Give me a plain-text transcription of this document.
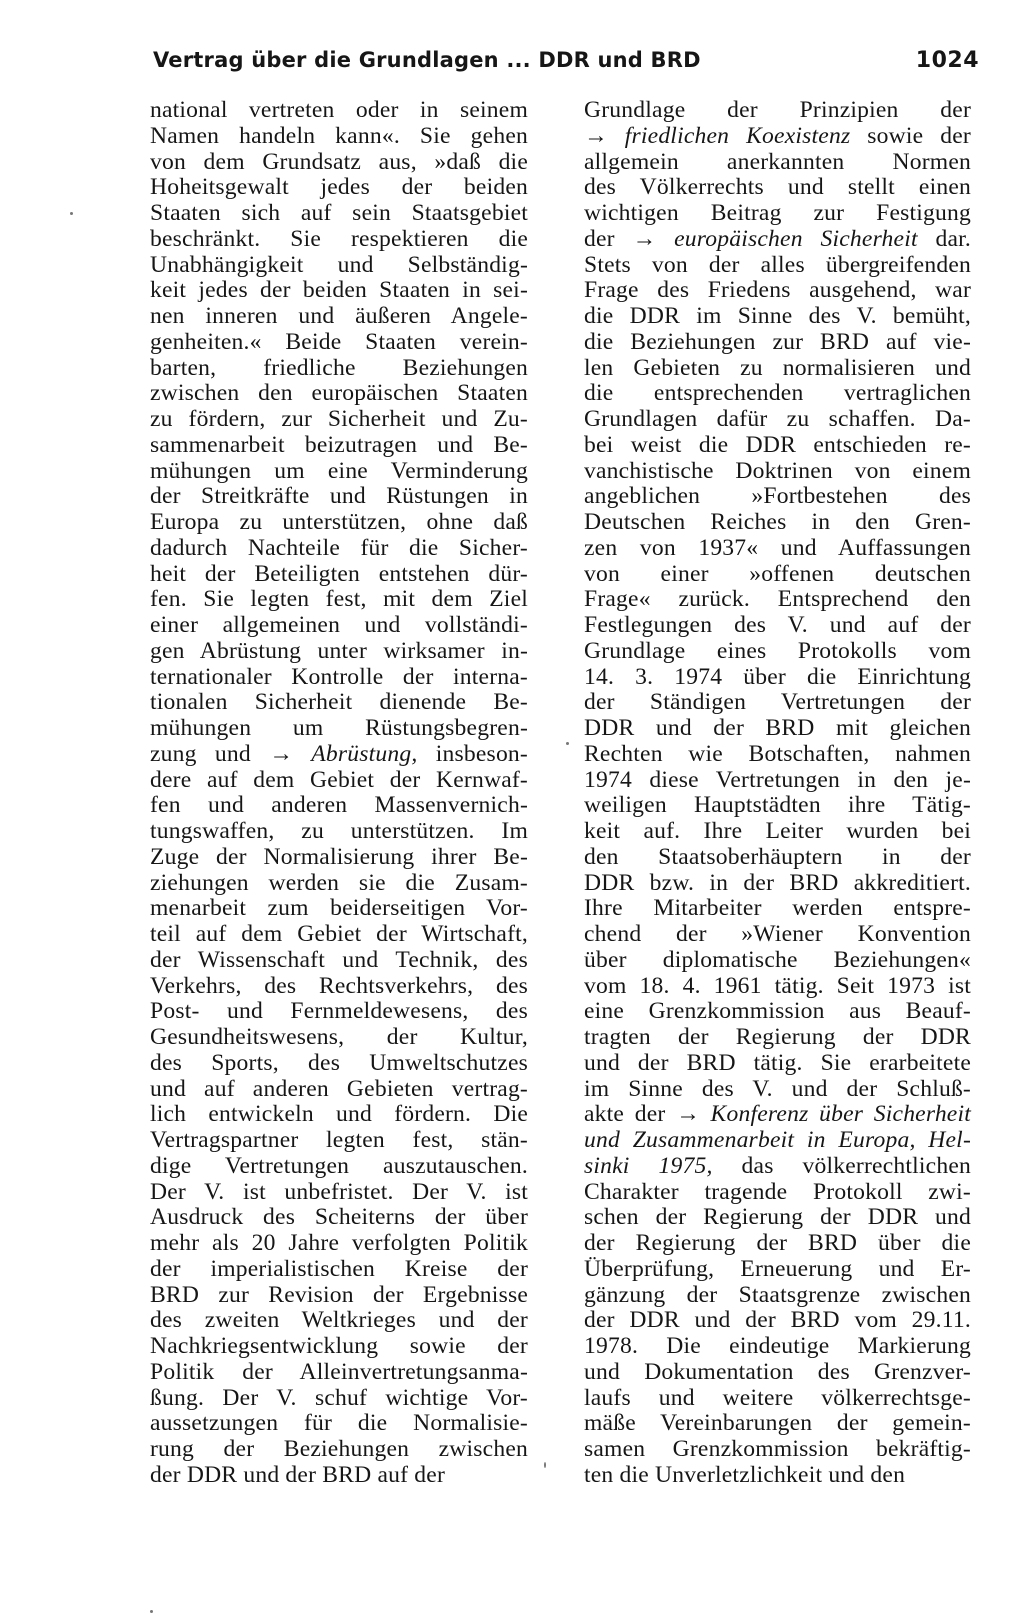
Vertrag über die Grundlagen ... DDR und BRD	1024
national vertreten oder in seinem
Namen handeln kann«. Sie gehen
von dem Grundsatz aus, »daß die
Hoheitsgewalt jedes der beiden
Staaten sich auf sein Staatsgebiet
beschränkt. Sie respektieren die
Unabhängigkeit und Selbständig-
keit jedes der beiden Staaten in sei-
nen inneren und äußeren Angele-
genheiten.« Beide Staaten verein-
barten, friedliche Beziehungen
zwischen den europäischen Staaten
zu fördern, zur Sicherheit und Zu-
sammenarbeit beizutragen und Be-
mühungen um eine Verminderung
der Streitkräfte und Rüstungen in
Europa zu unterstützen, ohne daß
dadurch Nachteile für die Sicher-
heit der Beteiligten entstehen dür-
fen. Sie legten fest, mit dem Ziel
einer allgemeinen und vollständi-
gen Abrüstung unter wirksamer in-
ternationaler Kontrolle der interna-
tionalen Sicherheit dienende Be-
mühungen um Rüstungsbegren-
zung und → Abrüstung, insbeson-
dere auf dem Gebiet der Kernwaf-
fen und anderen Massenvernich-
tungswaffen, zu unterstützen. Im
Zuge der Normalisierung ihrer Be-
ziehungen werden sie die Zusam-
menarbeit zum beiderseitigen Vor-
teil auf dem Gebiet der Wirtschaft,
der Wissenschaft und Technik, des
Verkehrs, des Rechtsverkehrs, des
Post- und Fernmeldewesens, des
Gesundheitswesens, der Kultur,
des Sports, des Umweltschutzes
und auf anderen Gebieten vertrag-
lich entwickeln und fördern. Die
Vertragspartner legten fest, stän-
dige Vertretungen auszutauschen.
Der V. ist unbefristet. Der V. ist
Ausdruck des Scheiterns der über
mehr als 20 Jahre verfolgten Politik
der imperialistischen Kreise der
BRD zur Revision der Ergebnisse
des zweiten Weltkrieges und der
Nachkriegsentwicklung sowie der
Politik der Alleinvertretungsanma-
ßung. Der V. schuf wichtige Vor-
aussetzungen für die Normalisie-
rung der Beziehungen zwischen
der DDR und der BRD auf der
Grundlage der Prinzipien der
→ friedlichen Koexistenz sowie der
allgemein anerkannten Normen
des Völkerrechts und stellt einen
wichtigen Beitrag zur Festigung
der → europäischen Sicherheit dar.
Stets von der alles übergreifenden
Frage des Friedens ausgehend, war
die DDR im Sinne des V. bemüht,
die Beziehungen zur BRD auf vie-
len Gebieten zu normalisieren und
die entsprechenden vertraglichen
Grundlagen dafür zu schaffen. Da-
bei weist die DDR entschieden re-
vanchistische Doktrinen von einem
angeblichen »Fortbestehen des
Deutschen Reiches in den Gren-
zen von 1937« und Auffassungen
von einer »offenen deutschen
Frage« zurück. Entsprechend den
Festlegungen des V. und auf der
Grundlage eines Protokolls vom
14. 3. 1974 über die Einrichtung
der Ständigen Vertretungen der
DDR und der BRD mit gleichen
Rechten wie Botschaften, nahmen
1974 diese Vertretungen in den je-
weiligen Hauptstädten ihre Tätig-
keit auf. Ihre Leiter wurden bei
den Staatsoberhäuptern in der
DDR bzw. in der BRD akkreditiert.
Ihre Mitarbeiter werden entspre-
chend der »Wiener Konvention
über diplomatische Beziehungen«
vom 18. 4. 1961 tätig. Seit 1973 ist
eine Grenzkommission aus Beauf-
tragten der Regierung der DDR
und der BRD tätig. Sie erarbeitete
im Sinne des V. und der Schluß-
akte der → Konferenz über Sicherheit
und Zusammenarbeit in Europa, Hel-
sinki 1975, das völkerrechtlichen
Charakter tragende Protokoll zwi-
schen der Regierung der DDR und
der Regierung der BRD über die
Überprüfung, Erneuerung und Er-
gänzung der Staatsgrenze zwischen
der DDR und der BRD vom 29.11.
1978. Die eindeutige Markierung
und Dokumentation des Grenzver-
laufs und weitere völkerrechtsge-
mäße Vereinbarungen der gemein-
samen Grenzkommission bekräftig-
ten die Unverletzlichkeit und den
